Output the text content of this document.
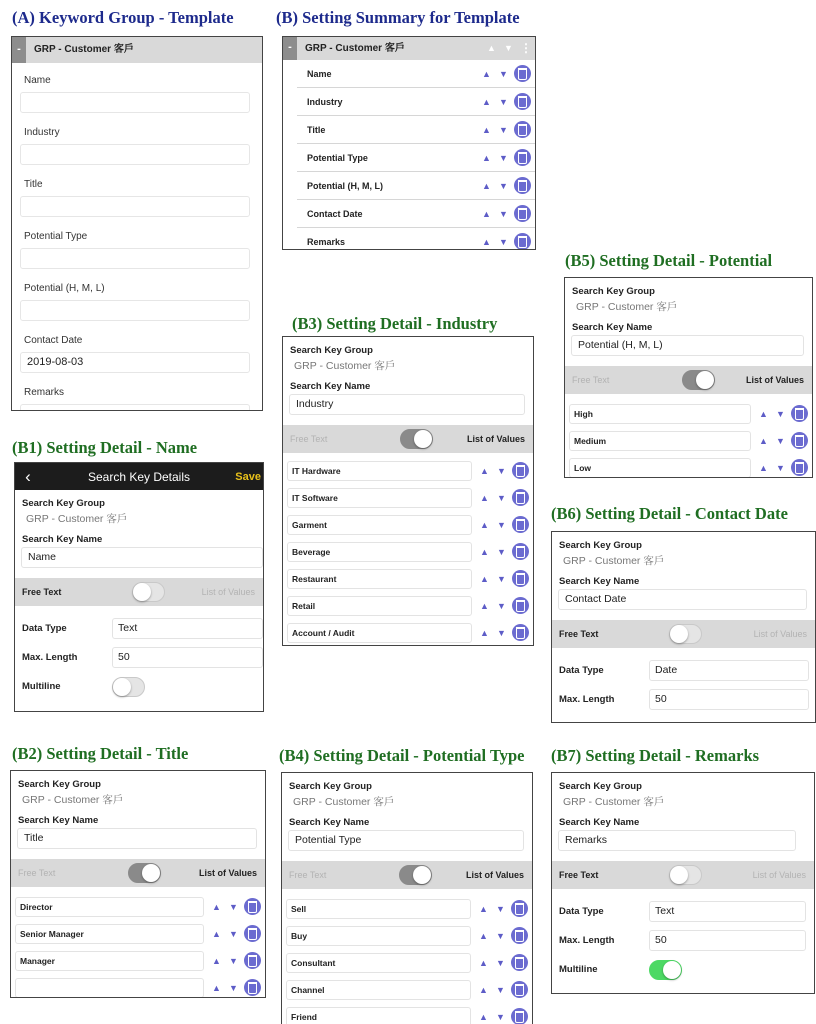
(A) Keyword Group - Template	(B) Setting Summary for Template
(B1) Setting Detail - Name
(B2) Setting Detail - Title
(B3) Setting Detail - Industry
(B4) Setting Detail - Potential Type
(B5) Setting Detail - Potential
(B6) Setting Detail - Contact Date
(B7) Setting Detail - Remarks
-	GRP - Customer 客戶
Name
Industry
Title
Potential Type
Potential (H, M, L)
Contact Date
2019-08-03
Remarks
-	GRP - Customer 客戶	▲ ▼ ⋮
Name	▲ ▼
Industry	▲ ▼
Title	▲ ▼
Potential Type	▲ ▼
Potential (H, M, L)	▲ ▼
Contact Date	▲ ▼
Remarks	▲ ▼
‹	Search Key Details	Save
Search Key Group
GRP - Customer 客戶
Search Key Name
Name
Free Text	List of Values
Data Type	Text
Max. Length	50
Multiline
Search Key Group
GRP - Customer 客戶
Search Key Name
Title
Free Text	List of Values
Director	▲ ▼
Senior Manager	▲ ▼
Manager	▲ ▼
▲ ▼
Search Key Group
GRP - Customer 客戶
Search Key Name
Industry
Free Text	List of Values
IT Hardware	▲ ▼
IT Software	▲ ▼
Garment	▲ ▼
Beverage	▲ ▼
Restaurant	▲ ▼
Retail	▲ ▼
Account / Audit	▲ ▼
Search Key Group
GRP - Customer 客戶
Search Key Name
Potential Type
Free Text	List of Values
Sell	▲ ▼
Buy	▲ ▼
Consultant	▲ ▼
Channel	▲ ▼
Friend	▲ ▼
Search Key Group
GRP - Customer 客戶
Search Key Name
Potential (H, M, L)
Free Text	List of Values
High	▲ ▼
Medium	▲ ▼
Low	▲ ▼
Search Key Group
GRP - Customer 客戶
Search Key Name
Contact Date
Free Text	List of Values
Data Type	Date
Max. Length	50
Search Key Group
GRP - Customer 客戶
Search Key Name
Remarks
Free Text	List of Values
Data Type	Text
Max. Length	50
Multiline
